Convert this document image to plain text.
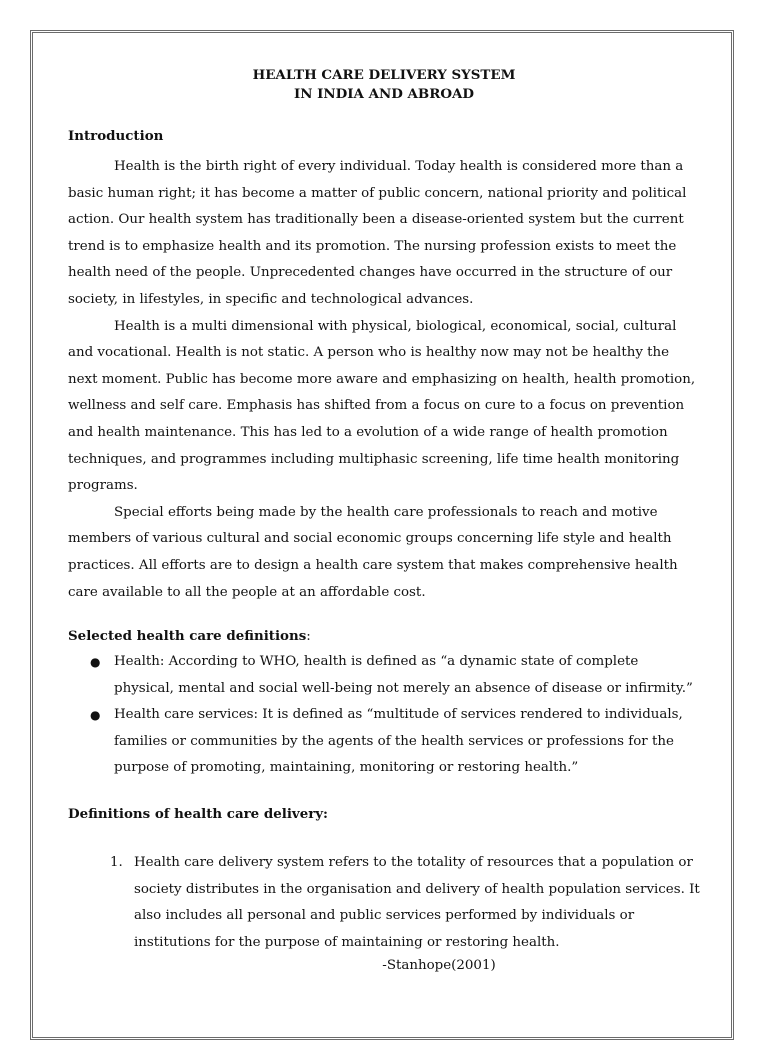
HEALTH CARE DELIVERY SYSTEM
IN INDIA AND ABROAD

Introduction

Health is the birth right of every individual. Today health is considered more than a basic human right; it has become a matter of public concern, national priority and political action. Our health system has traditionally been a disease-oriented system but the current trend is to emphasize health and its promotion. The nursing profession exists to meet the health need of the people. Unprecedented changes have occurred in the structure of our society, in lifestyles, in specific and technological advances.

Health is a multi dimensional with physical, biological, economical, social, cultural and vocational. Health is not static. A person who is healthy now may not be healthy the next moment. Public has become more aware and emphasizing on health, health promotion, wellness and self care. Emphasis has shifted from a focus on cure to a focus on prevention and health maintenance. This has led to a evolution of a wide range of health promotion techniques, and programmes including multiphasic screening, life time health monitoring programs.

Special efforts being made by the health care professionals to reach and motive members of various cultural and social economic groups concerning life style and health practices. All efforts are to design a health care system that makes comprehensive health care available to all the people at an affordable cost.

Selected health care definitions:

● Health: According to WHO, health is defined as “a dynamic state of complete physical, mental and social well-being not merely an absence of disease or infirmity.”
● Health care services: It is defined as “multitude of services rendered to individuals, families or communities by the agents of the health services or professions for the purpose of promoting, maintaining, monitoring or restoring health.”

Definitions of health care delivery:

1. Health care delivery system refers to the totality of resources that a population or society distributes in the organisation and delivery of health population services. It also includes all personal and public services performed by individuals or institutions for the purpose of maintaining or restoring health.

-Stanhope(2001)
